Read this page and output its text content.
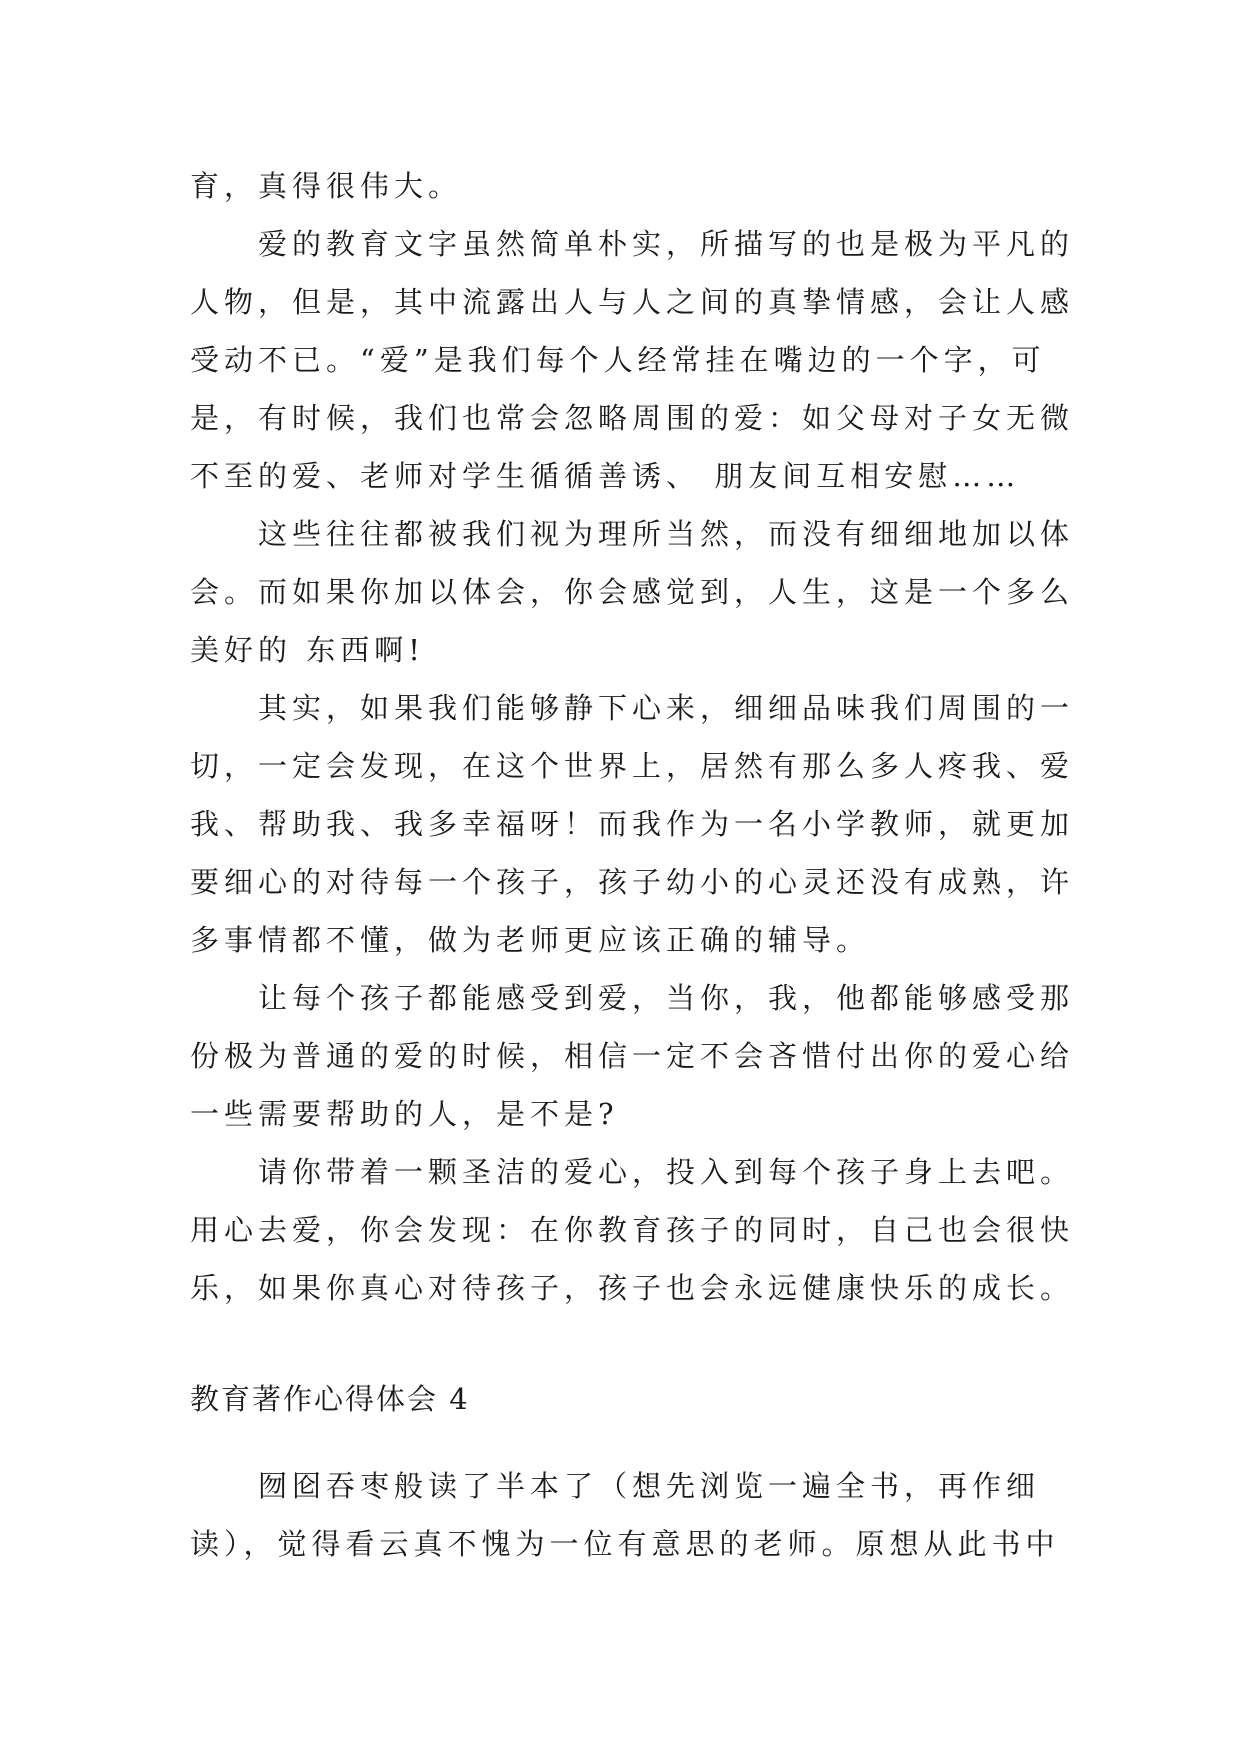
育，真得很伟大。
爱的教育文字虽然简单朴实，所描写的也是极为平凡的
人物，但是，其中流露出人与人之间的真挚情感，会让人感
受动不已。“爱”是我们每个人经常挂在嘴边的一个字，可
是，有时候，我们也常会忽略周围的爱：如父母对子女无微
不至的爱、老师对学生循循善诱、 朋友间互相安慰……
这些往往都被我们视为理所当然，而没有细细地加以体
会。而如果你加以体会，你会感觉到，人生，这是一个多么
美好的 东西啊!
其实，如果我们能够静下心来，细细品味我们周围的一
切，一定会发现，在这个世界上，居然有那么多人疼我、爱
我、帮助我、我多幸福呀！而我作为一名小学教师，就更加
要细心的对待每一个孩子，孩子幼小的心灵还没有成熟，许
多事情都不懂，做为老师更应该正确的辅导。
让每个孩子都能感受到爱，当你，我，他都能够感受那
份极为普通的爱的时候，相信一定不会吝惜付出你的爱心给
一些需要帮助的人，是不是?
请你带着一颗圣洁的爱心，投入到每个孩子身上去吧。
用心去爱，你会发现：在你教育孩子的同时，自己也会很快
乐，如果你真心对待孩子，孩子也会永远健康快乐的成长。
教育著作心得体会 4
囫囵吞枣般读了半本了（想先浏览一遍全书，再作细
读），觉得看云真不愧为一位有意思的老师。原想从此书中
